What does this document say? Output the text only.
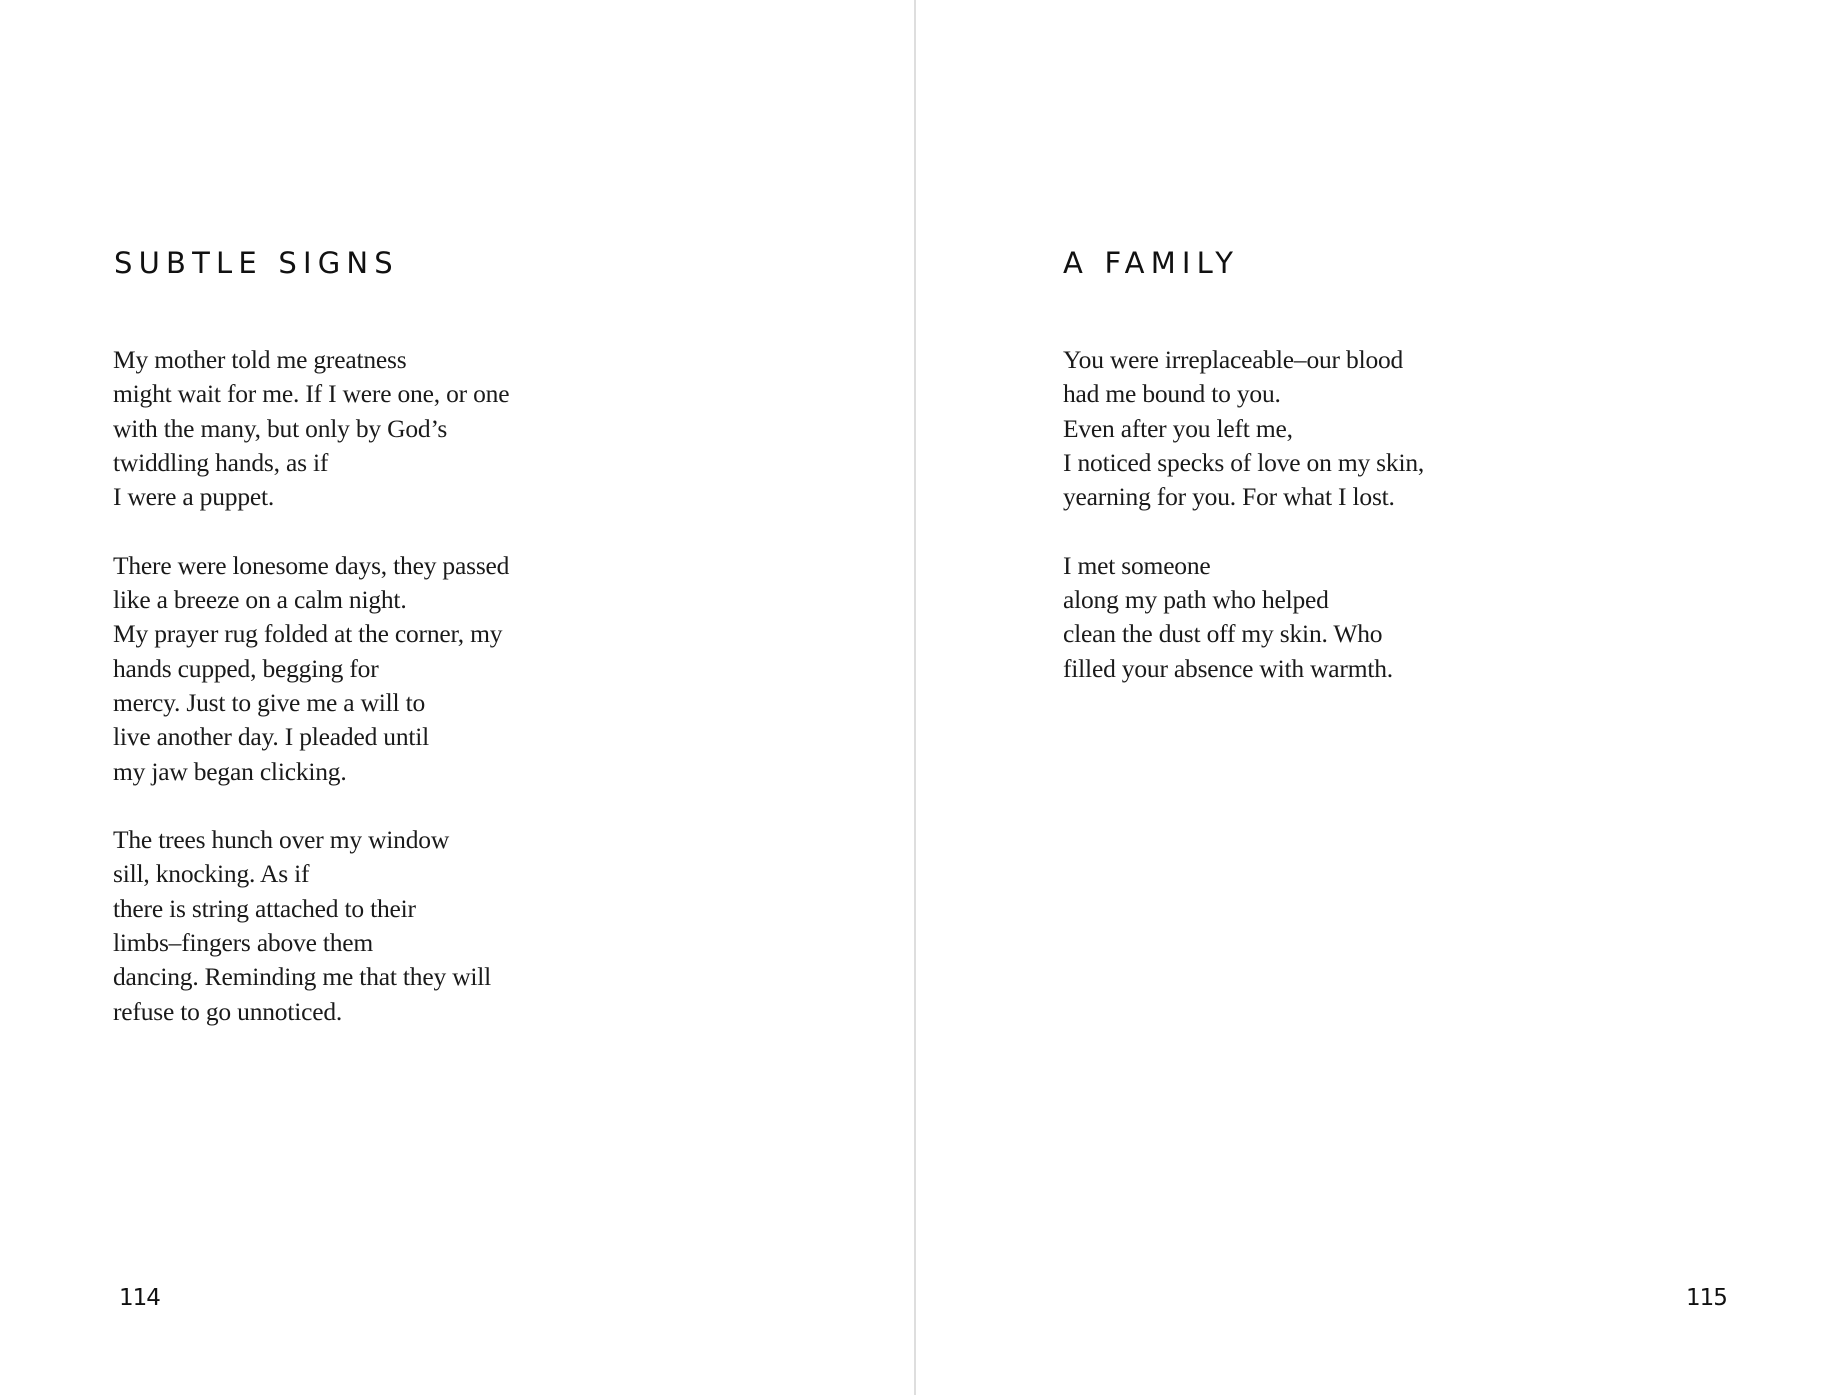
SUBTLE SIGNS
My mother told me greatness
might wait for me. If I were one, or one
with the many, but only by God’s
twiddling hands, as if
I were a puppet.
There were lonesome days, they passed
like a breeze on a calm night.
My prayer rug folded at the corner, my
hands cupped, begging for
mercy. Just to give me a will to
live another day. I pleaded until
my jaw began clicking.
The trees hunch over my window
sill, knocking. As if
there is string attached to their
limbs–fingers above them
dancing. Reminding me that they will
refuse to go unnoticed.
114
A FAMILY
You were irreplaceable–our blood
had me bound to you.
Even after you left me,
I noticed specks of love on my skin,
yearning for you. For what I lost.
I met someone
along my path who helped
clean the dust off my skin. Who
filled your absence with warmth.
115
